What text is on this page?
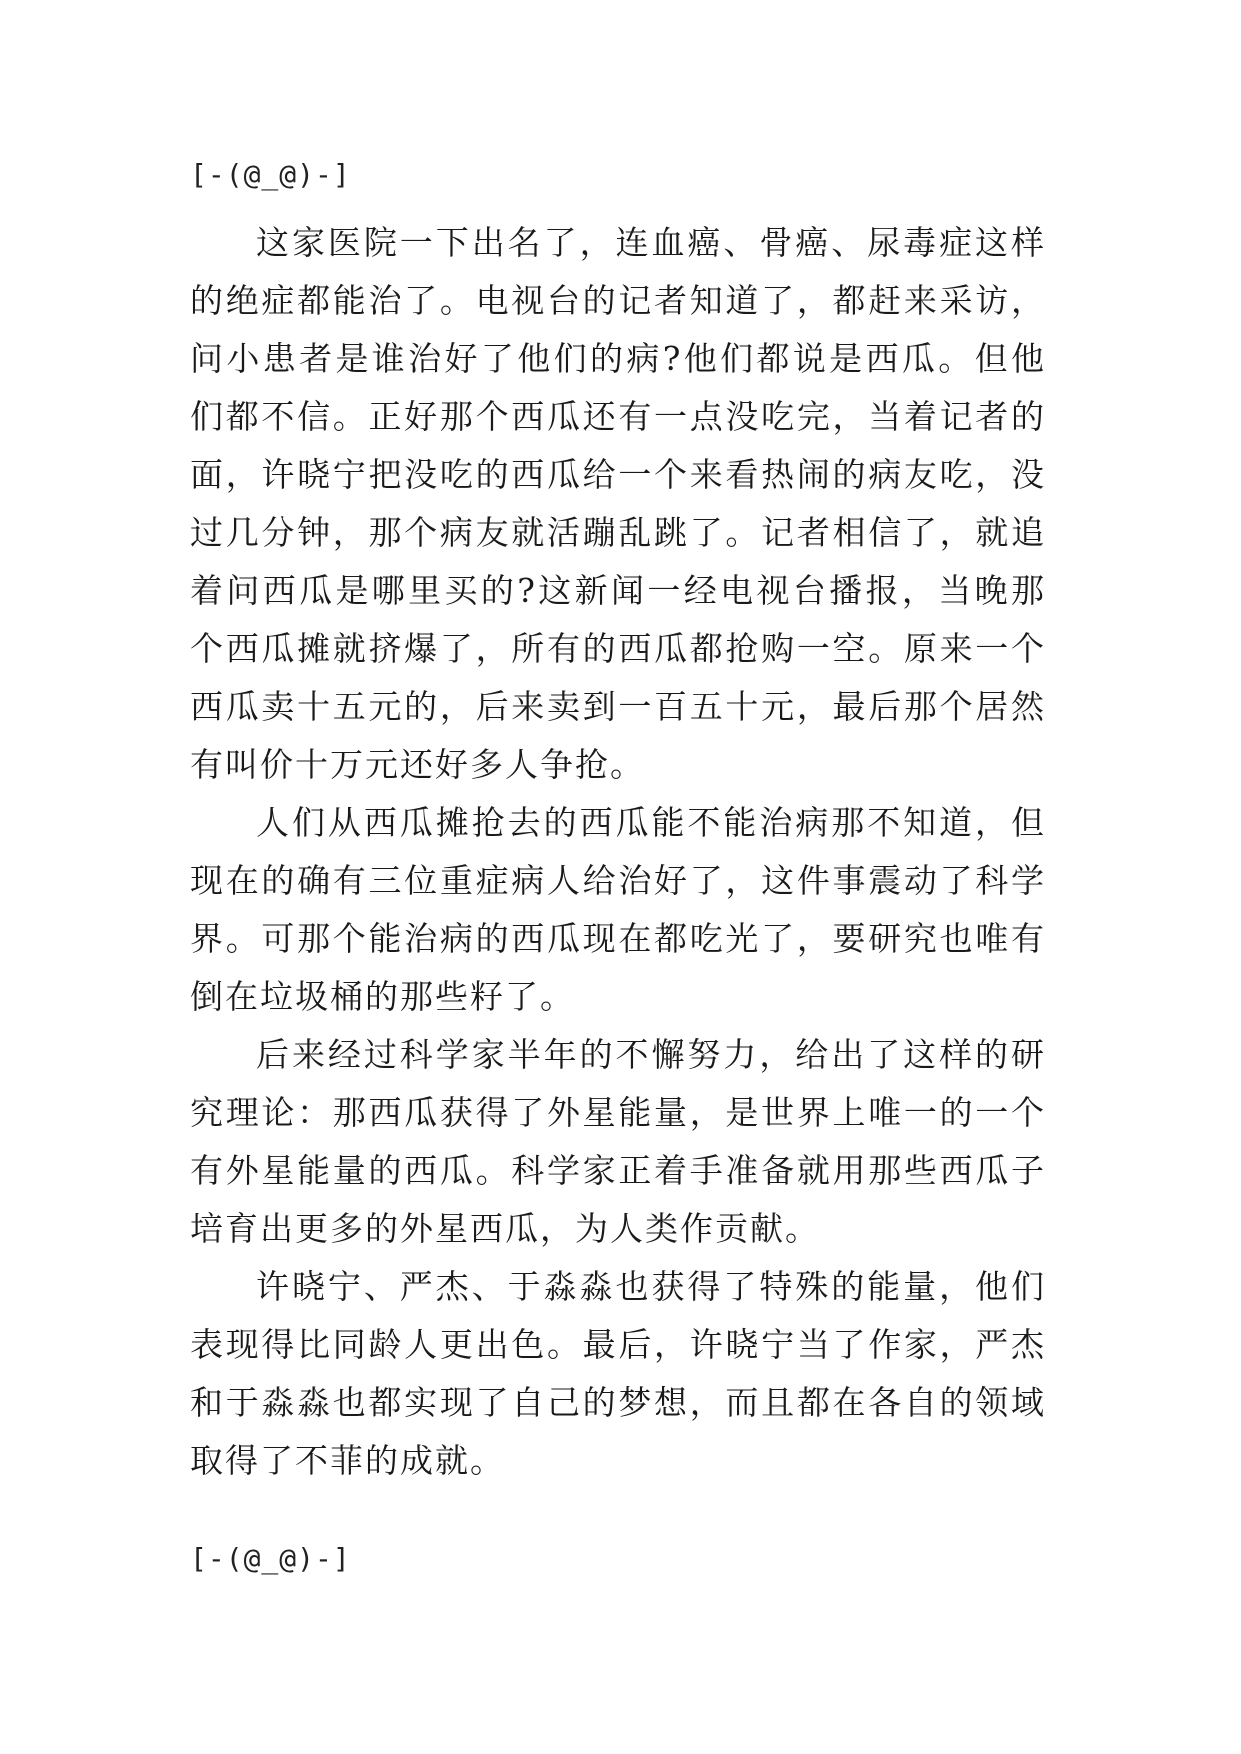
[-(@_@)-]

这家医院一下出名了，连血癌、骨癌、尿毒症这样的绝症都能治了。电视台的记者知道了，都赶来采访，问小患者是谁治好了他们的病?他们都说是西瓜。但他们都不信。正好那个西瓜还有一点没吃完，当着记者的面，许晓宁把没吃的西瓜给一个来看热闹的病友吃，没过几分钟，那个病友就活蹦乱跳了。记者相信了，就追着问西瓜是哪里买的?这新闻一经电视台播报，当晚那个西瓜摊就挤爆了，所有的西瓜都抢购一空。原来一个西瓜卖十五元的，后来卖到一百五十元，最后那个居然有叫价十万元还好多人争抢。

人们从西瓜摊抢去的西瓜能不能治病那不知道，但现在的确有三位重症病人给治好了，这件事震动了科学界。可那个能治病的西瓜现在都吃光了，要研究也唯有倒在垃圾桶的那些籽了。

后来经过科学家半年的不懈努力，给出了这样的研究理论：那西瓜获得了外星能量，是世界上唯一的一个有外星能量的西瓜。科学家正着手准备就用那些西瓜子培育出更多的外星西瓜，为人类作贡献。

许晓宁、严杰、于淼淼也获得了特殊的能量，他们表现得比同龄人更出色。最后，许晓宁当了作家，严杰和于淼淼也都实现了自己的梦想，而且都在各自的领域取得了不菲的成就。

[-(@_@)-]
